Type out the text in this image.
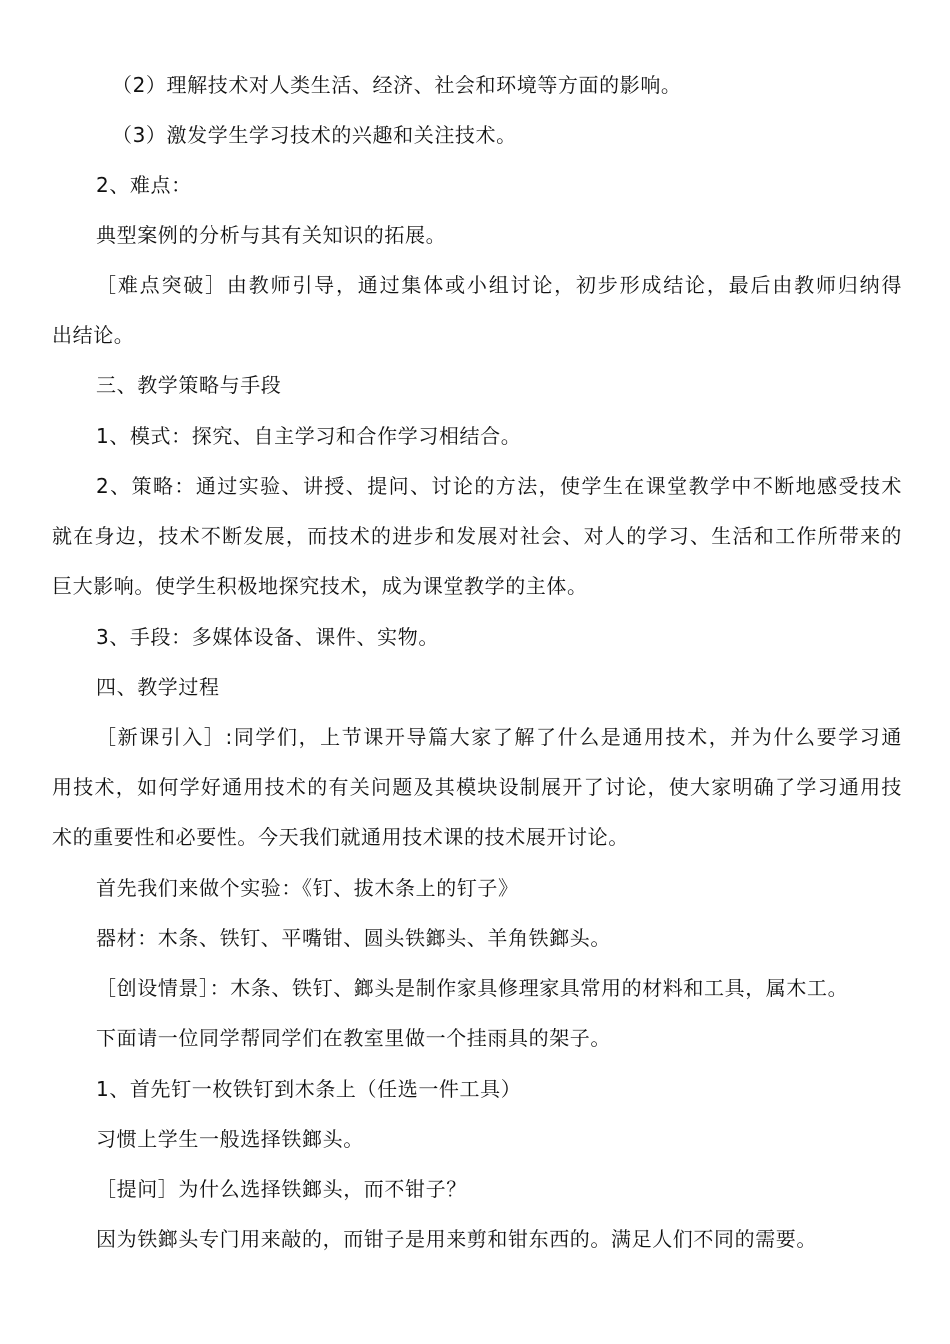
（2）理解技术对人类生活、经济、社会和环境等方面的影响。
（3）激发学生学习技术的兴趣和关注技术。
2、难点：
典型案例的分析与其有关知识的拓展。
［难点突破］由教师引导，通过集体或小组讨论，初步形成结论，最后由教师归纳得
出结论。
三、教学策略与手段
1、模式：探究、自主学习和合作学习相结合。
2、策略：通过实验、讲授、提问、讨论的方法，使学生在课堂教学中不断地感受技术
就在身边，技术不断发展，而技术的进步和发展对社会、对人的学习、生活和工作所带来的
巨大影响。使学生积极地探究技术，成为课堂教学的主体。
3、手段：多媒体设备、课件、实物。
四、教学过程
［新课引入］:同学们，上节课开导篇大家了解了什么是通用技术，并为什么要学习通
用技术，如何学好通用技术的有关问题及其模块设制展开了讨论，使大家明确了学习通用技
术的重要性和必要性。今天我们就通用技术课的技术展开讨论。
首先我们来做个实验：《钉、拔木条上的钉子》
器材：木条、铁钉、平嘴钳、圆头铁鎯头、羊角铁鎯头。
［创设情景］：木条、铁钉、鎯头是制作家具修理家具常用的材料和工具，属木工。
下面请一位同学帮同学们在教室里做一个挂雨具的架子。
1、首先钉一枚铁钉到木条上（任选一件工具）
习惯上学生一般选择铁鎯头。
［提问］为什么选择铁鎯头，而不钳子？
因为铁鎯头专门用来敲的，而钳子是用来剪和钳东西的。满足人们不同的需要。
